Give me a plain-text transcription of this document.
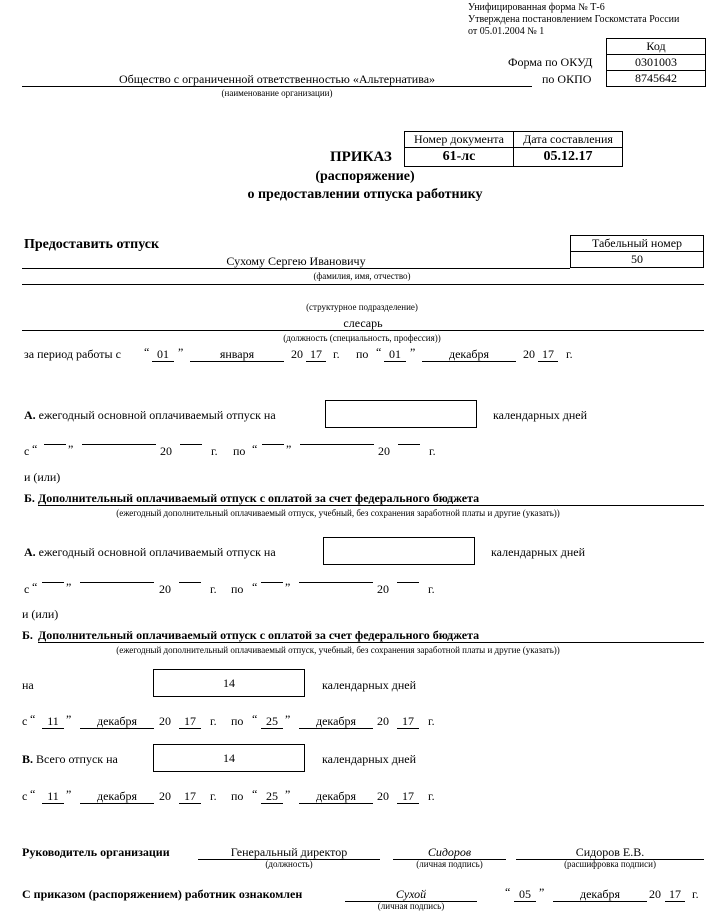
Унифицированная форма № Т-6
Утверждена постановлением Госкомстата России
от 05.01.2004 № 1
Код
0301003
8745642
Форма по ОКУД
по ОКПО
Общество с ограниченной ответственностью «Альтернатива»
(наименование организации)
Номер документа	Дата составления
61-лс	05.12.17
ПРИКАЗ
(распоряжение)
о предоставлении отпуска работнику
Предоставить отпуск	Табельный номер
50
Сухому Сергею Ивановичу
(фамилия, имя, отчество)
(структурное подразделение)
слесарь
(должность (специальность, профессия))
за период работы с “ 01 ”	января	20 17 г. по “ 01 ”	декабря	20 17	г.
А. ежегодный основной оплачиваемый отпуск на	календарных дней
с “	”	20	г. по “ ”	20	г.
и (или)
Б. Дополнительный оплачиваемый отпуск с оплатой за счет федерального бюджета
(ежегодный дополнительный оплачиваемый отпуск, учебный, без сохранения заработной платы и другие (указать))
А. ежегодный основной оплачиваемый отпуск на	календарных дней
с “ ”	20	г. по “ ”	20	г.
и (или)
Б. Дополнительный оплачиваемый отпуск с оплатой за счет федерального бюджета
(ежегодный дополнительный оплачиваемый отпуск, учебный, без сохранения заработной платы и другие (указать))
на	14	календарных дней
с “ 11 ”	декабря	20	17	г. по “ 25 ”	декабря	20	17	г.
В. Всего отпуск на	14	календарных дней
с “ 11 ”	декабря	20	17	г. по “ 25 ”	декабря	20	17	г.
Руководитель организации	Генеральный директор
(должность)
Сидоров
(личная подпись)
Сидоров Е.В.
(расшифровка подписи)
С приказом (распоряжением) работник ознакомлен	Сухой
(личная подпись)
“ 05 ”	декабря	20 17 г.
